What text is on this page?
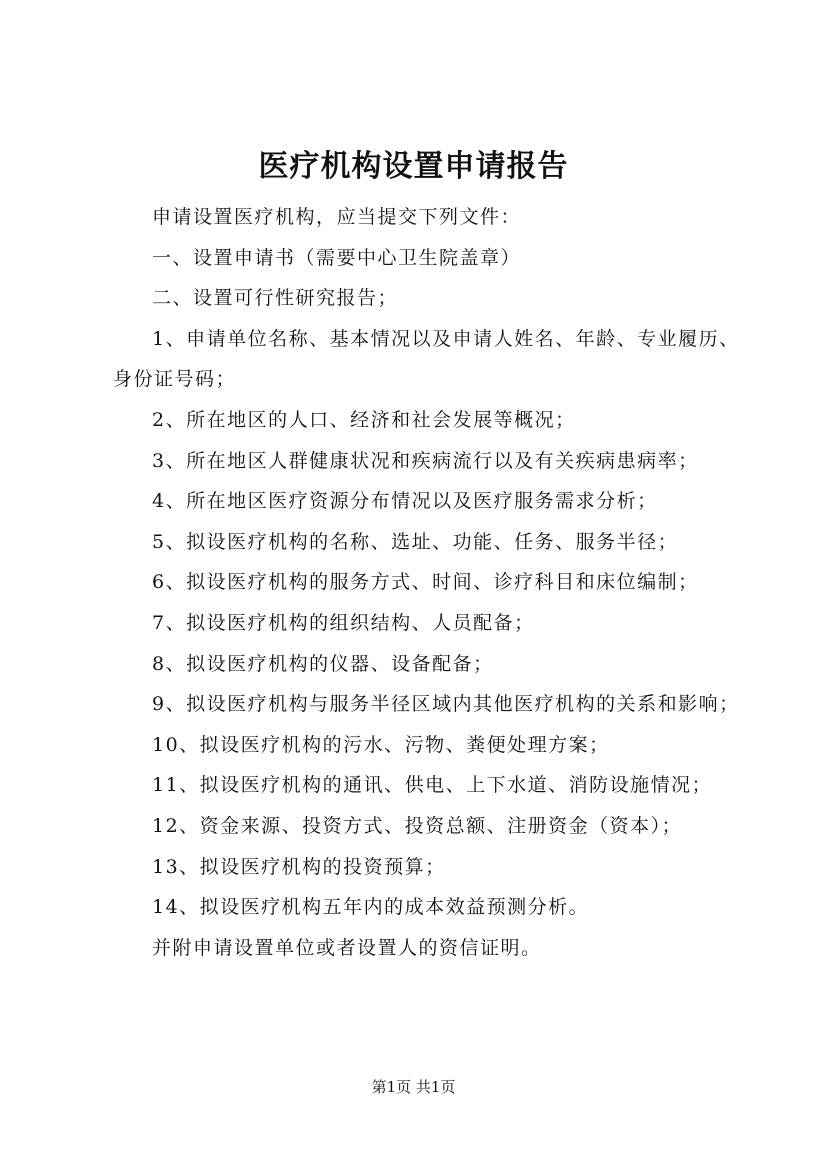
医疗机构设置申请报告

申请设置医疗机构，应当提交下列文件：

一、设置申请书（需要中心卫生院盖章）

二、设置可行性研究报告；

1、申请单位名称、基本情况以及申请人姓名、年龄、专业履历、身份证号码；

2、所在地区的人口、经济和社会发展等概况；

3、所在地区人群健康状况和疾病流行以及有关疾病患病率；

4、所在地区医疗资源分布情况以及医疗服务需求分析；

5、拟设医疗机构的名称、选址、功能、任务、服务半径；

6、拟设医疗机构的服务方式、时间、诊疗科目和床位编制；

7、拟设医疗机构的组织结构、人员配备；

8、拟设医疗机构的仪器、设备配备；

9、拟设医疗机构与服务半径区域内其他医疗机构的关系和影响；

10、拟设医疗机构的污水、污物、粪便处理方案；

11、拟设医疗机构的通讯、供电、上下水道、消防设施情况；

12、资金来源、投资方式、投资总额、注册资金（资本）；

13、拟设医疗机构的投资预算；

14、拟设医疗机构五年内的成本效益预测分析。

并附申请设置单位或者设置人的资信证明。

第1页 共1页
